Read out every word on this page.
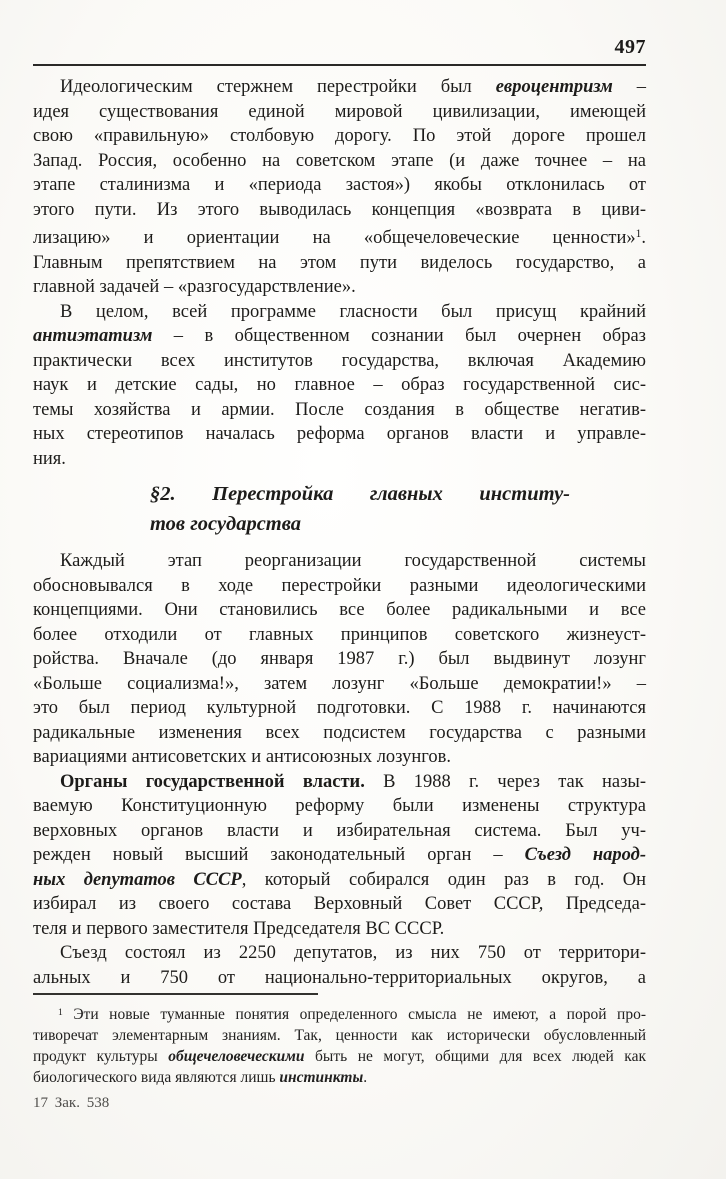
497

Идеологическим стержнем перестройки был евроцентризм –
идея существования единой мировой цивилизации, имеющей
свою «правильную» столбовую дорогу. По этой дороге прошел
Запад. Россия, особенно на советском этапе (и даже точнее – на
этапе сталинизма и «периода застоя») якобы отклонилась от
этого пути. Из этого выводилась концепция «возврата в циви-
лизацию» и ориентации на «общечеловеческие ценности»$^1$.
Главным препятствием на этом пути виделось государство, а
главной задачей – «разгосударствление».

В целом, всей программе гласности был присущ крайний
антиэтатизм – в общественном сознании был очернен образ
практически всех институтов государства, включая Академию
наук и детские сады, но главное – образ государственной сис-
темы хозяйства и армии. После создания в обществе негатив-
ных стереотипов началась реформа органов власти и управле-
ния.

§2. Перестройка главных институ-
тов государства

Каждый этап реорганизации государственной системы
обосновывался в ходе перестройки разными идеологическими
концепциями. Они становились все более радикальными и все
более отходили от главных принципов советского жизнеуст-
ройства. Вначале (до января 1987 г.) был выдвинут лозунг
«Больше социализма!», затем лозунг «Больше демократии!» –
это был период культурной подготовки. С 1988 г. начинаются
радикальные изменения всех подсистем государства с разными
вариациями антисоветских и антисоюзных лозунгов.

Органы государственной власти. В 1988 г. через так назы-
ваемую Конституционную реформу были изменены структура
верховных органов власти и избирательная система. Был уч-
режден новый высший законодательный орган – Съезд народ-
ных депутатов СССР, который собирался один раз в год. Он
избирал из своего состава Верховный Совет СССР, Председа-
теля и первого заместителя Председателя ВС СССР.

Съезд состоял из 2250 депутатов, из них 750 от территори-
альных и 750 от национально-территориальных округов, а

$^1$ Эти новые туманные понятия определенного смысла не имеют, а порой про-
тиворечат элементарным знаниям. Так, ценности как исторически обусловленный
продукт культуры общечеловеческими быть не могут, общими для всех людей как
биологического вида являются лишь инстинкты.
17 Зак. 538
